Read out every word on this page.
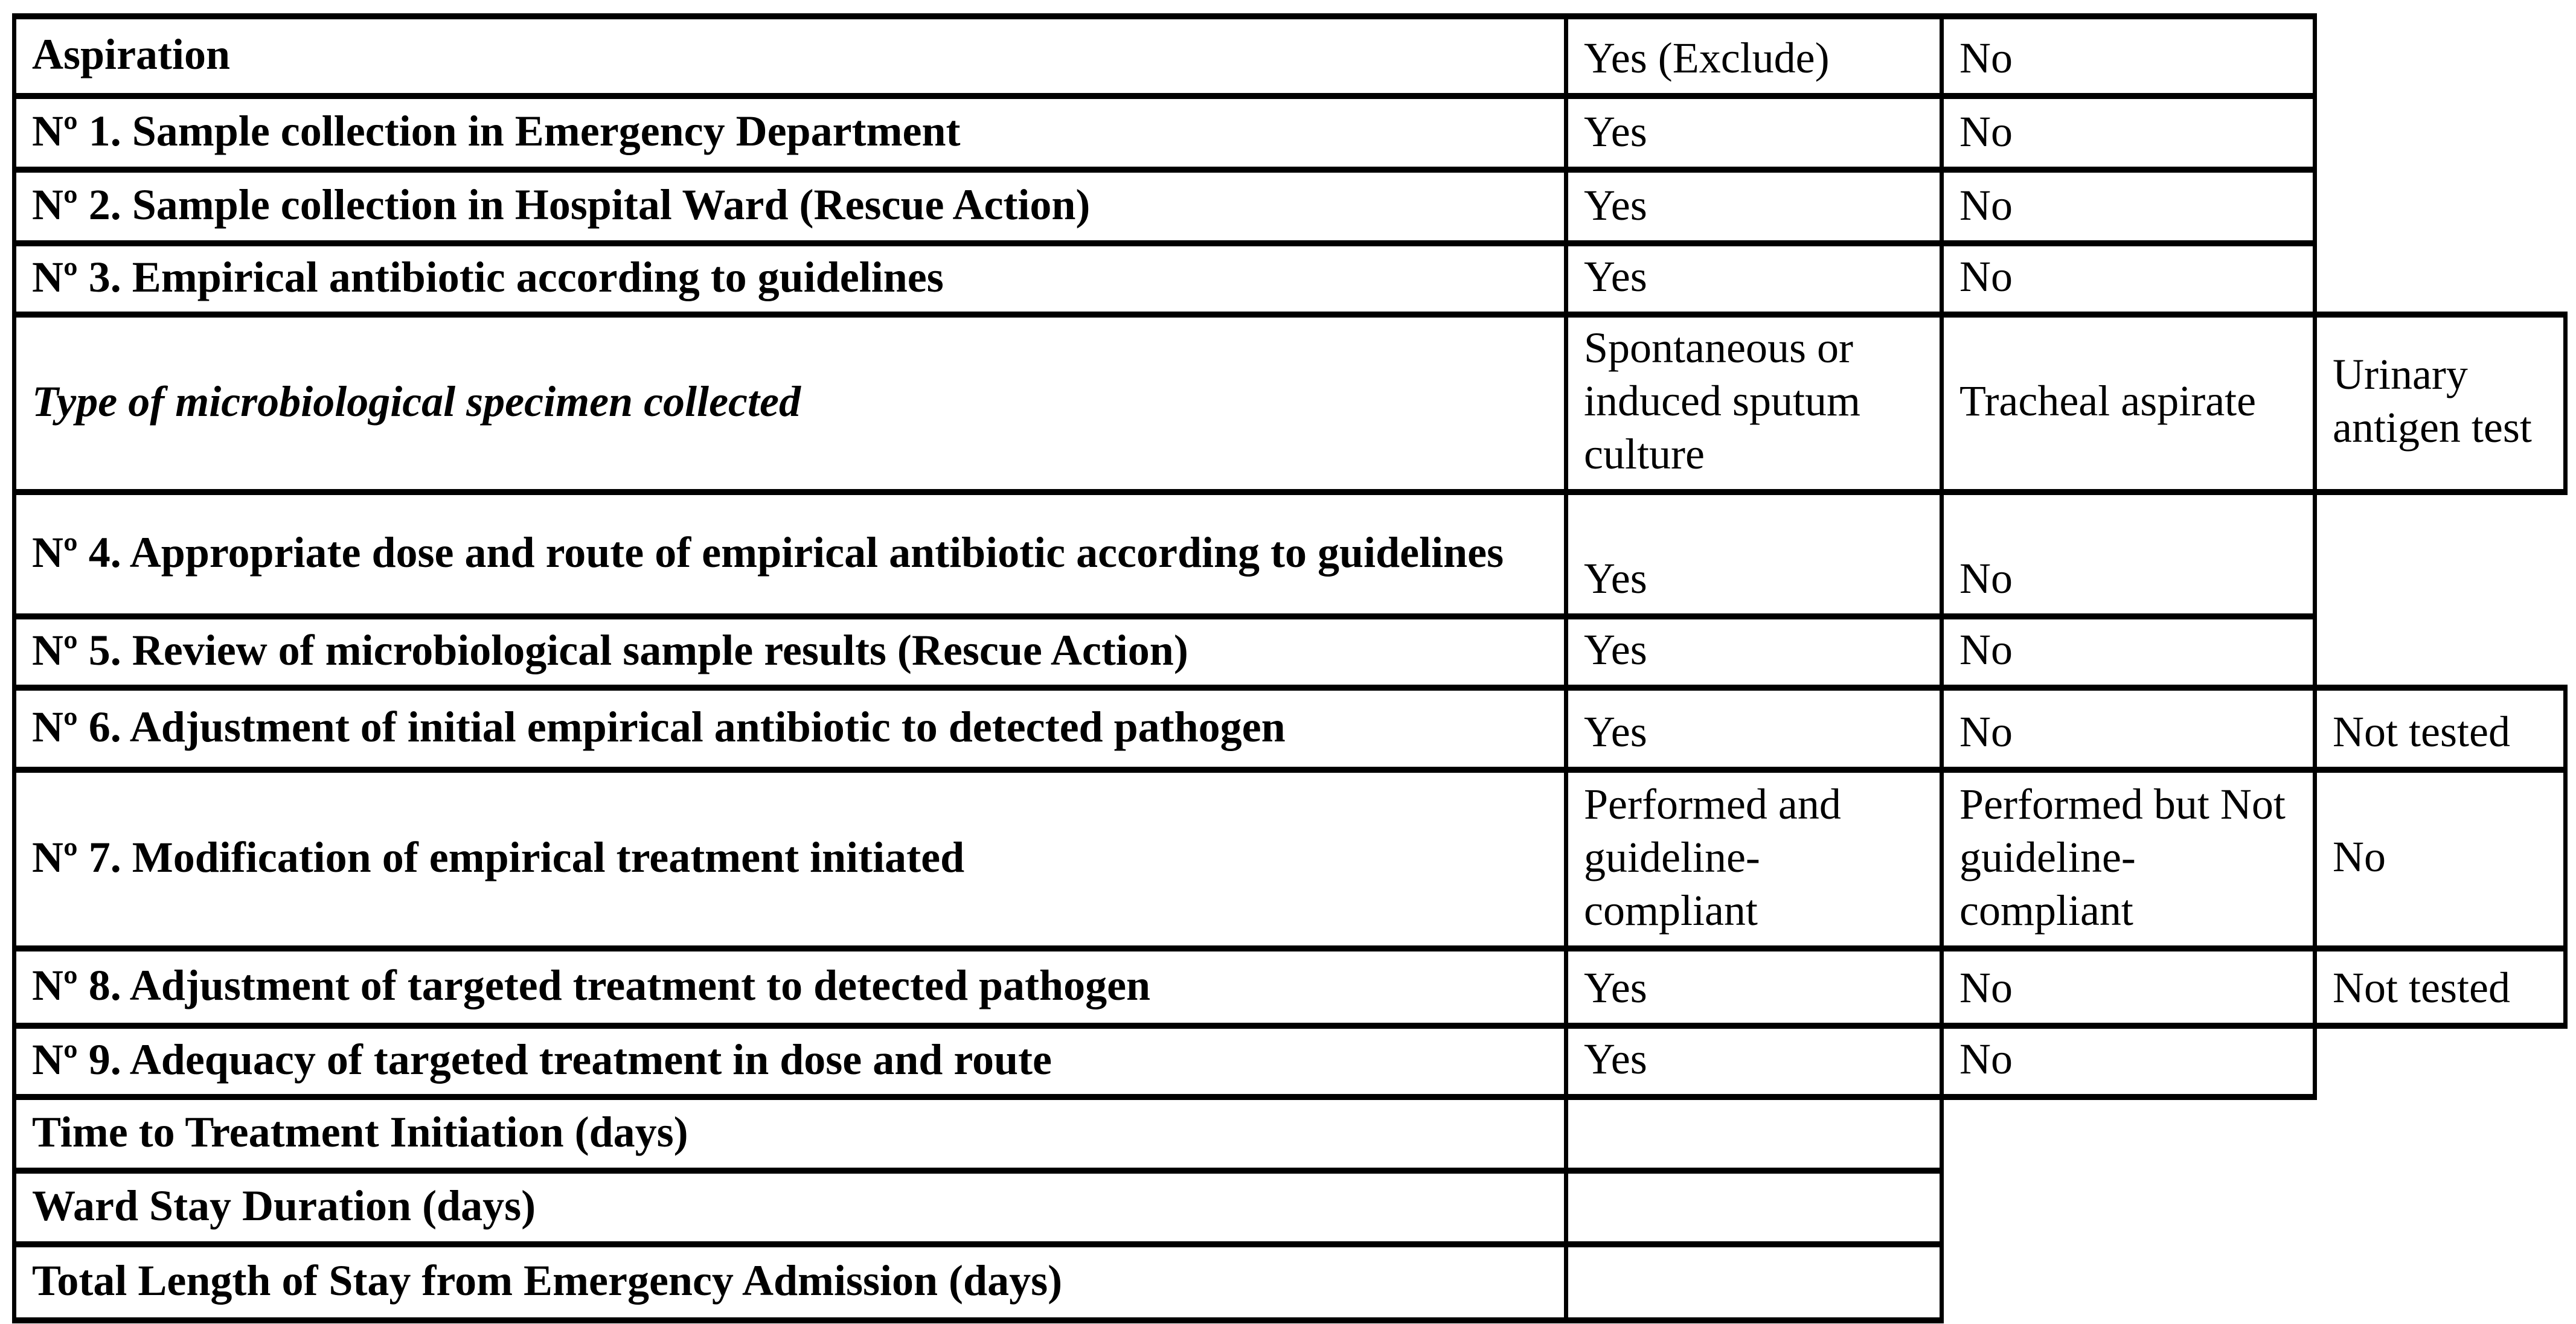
Aspiration	Yes (Exclude)	No	
Nº 1. Sample collection in Emergency Department	Yes	No	
Nº 2. Sample collection in Hospital Ward (Rescue Action)	Yes	No	
Nº 3. Empirical antibiotic according to guidelines	Yes	No	
Type of microbiological specimen collected	Spontaneous or induced sputum culture	Tracheal aspirate	Urinary antigen test
Nº 4. Appropriate dose and route of empirical antibiotic according to guidelines	Yes	No	
Nº 5. Review of microbiological sample results (Rescue Action)	Yes	No	
Nº 6. Adjustment of initial empirical antibiotic to detected pathogen	Yes	No	Not tested
Nº 7. Modification of empirical treatment initiated	Performed and guideline-compliant	Performed but Not guideline-compliant	No
Nº 8. Adjustment of targeted treatment to detected pathogen	Yes	No	Not tested
Nº 9. Adequacy of targeted treatment in dose and route	Yes	No	
Time to Treatment Initiation (days)			
Ward Stay Duration (days)			
Total Length of Stay from Emergency Admission (days)			
